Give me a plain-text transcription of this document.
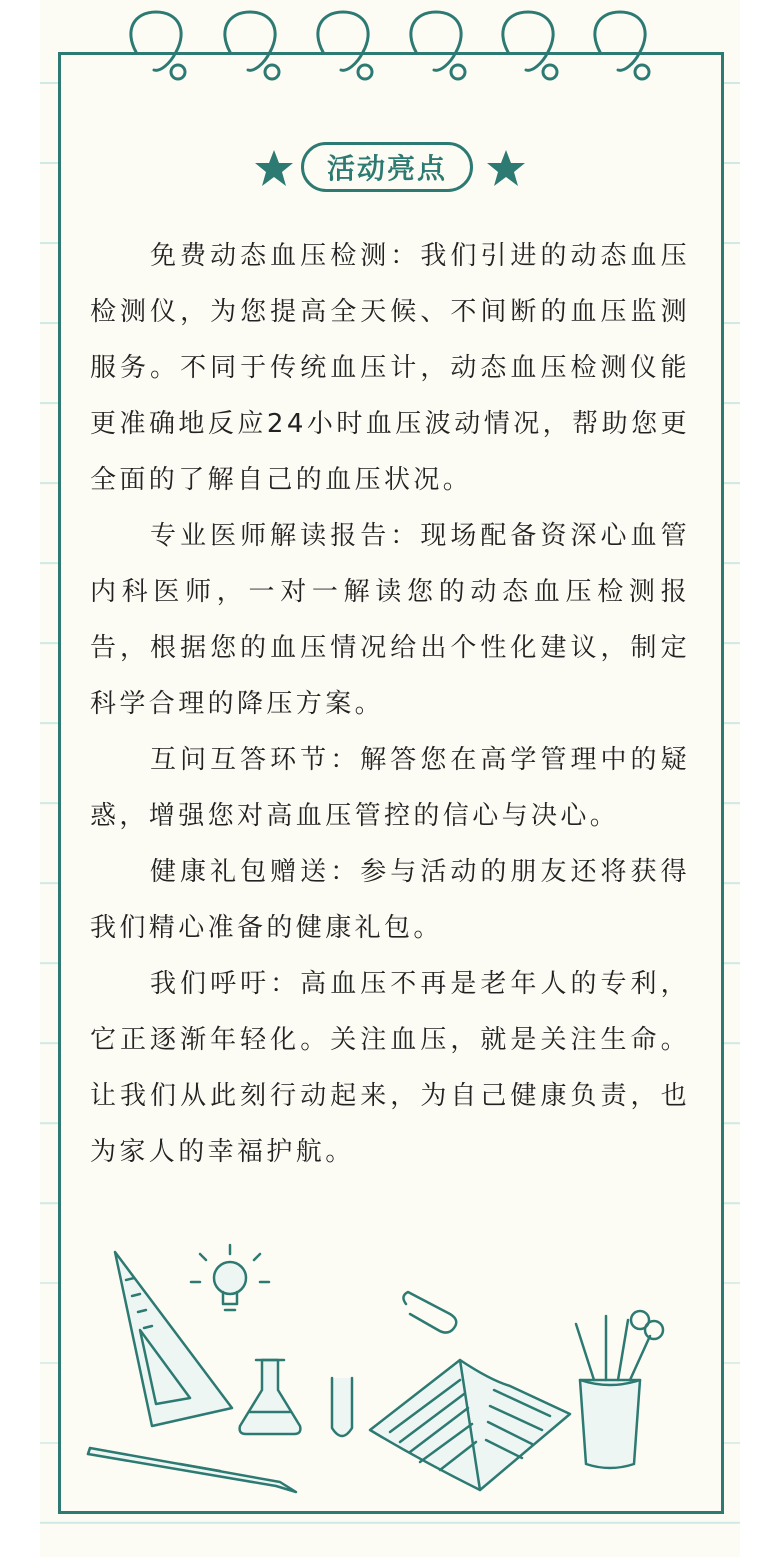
活动亮点

免费动态血压检测：我们引进的动态血压检测仪，为您提高全天候、不间断的血压监测服务。不同于传统血压计，动态血压检测仪能更准确地反应24小时血压波动情况，帮助您更全面的了解自己的血压状况。

专业医师解读报告：现场配备资深心血管内科医师，一对一解读您的动态血压检测报告，根据您的血压情况给出个性化建议，制定科学合理的降压方案。

互问互答环节：解答您在高学管理中的疑惑，增强您对高血压管控的信心与决心。

健康礼包赠送：参与活动的朋友还将获得我们精心准备的健康礼包。

我们呼吁：高血压不再是老年人的专利，它正逐渐年轻化。关注血压，就是关注生命。让我们从此刻行动起来，为自己健康负责，也为家人的幸福护航。
